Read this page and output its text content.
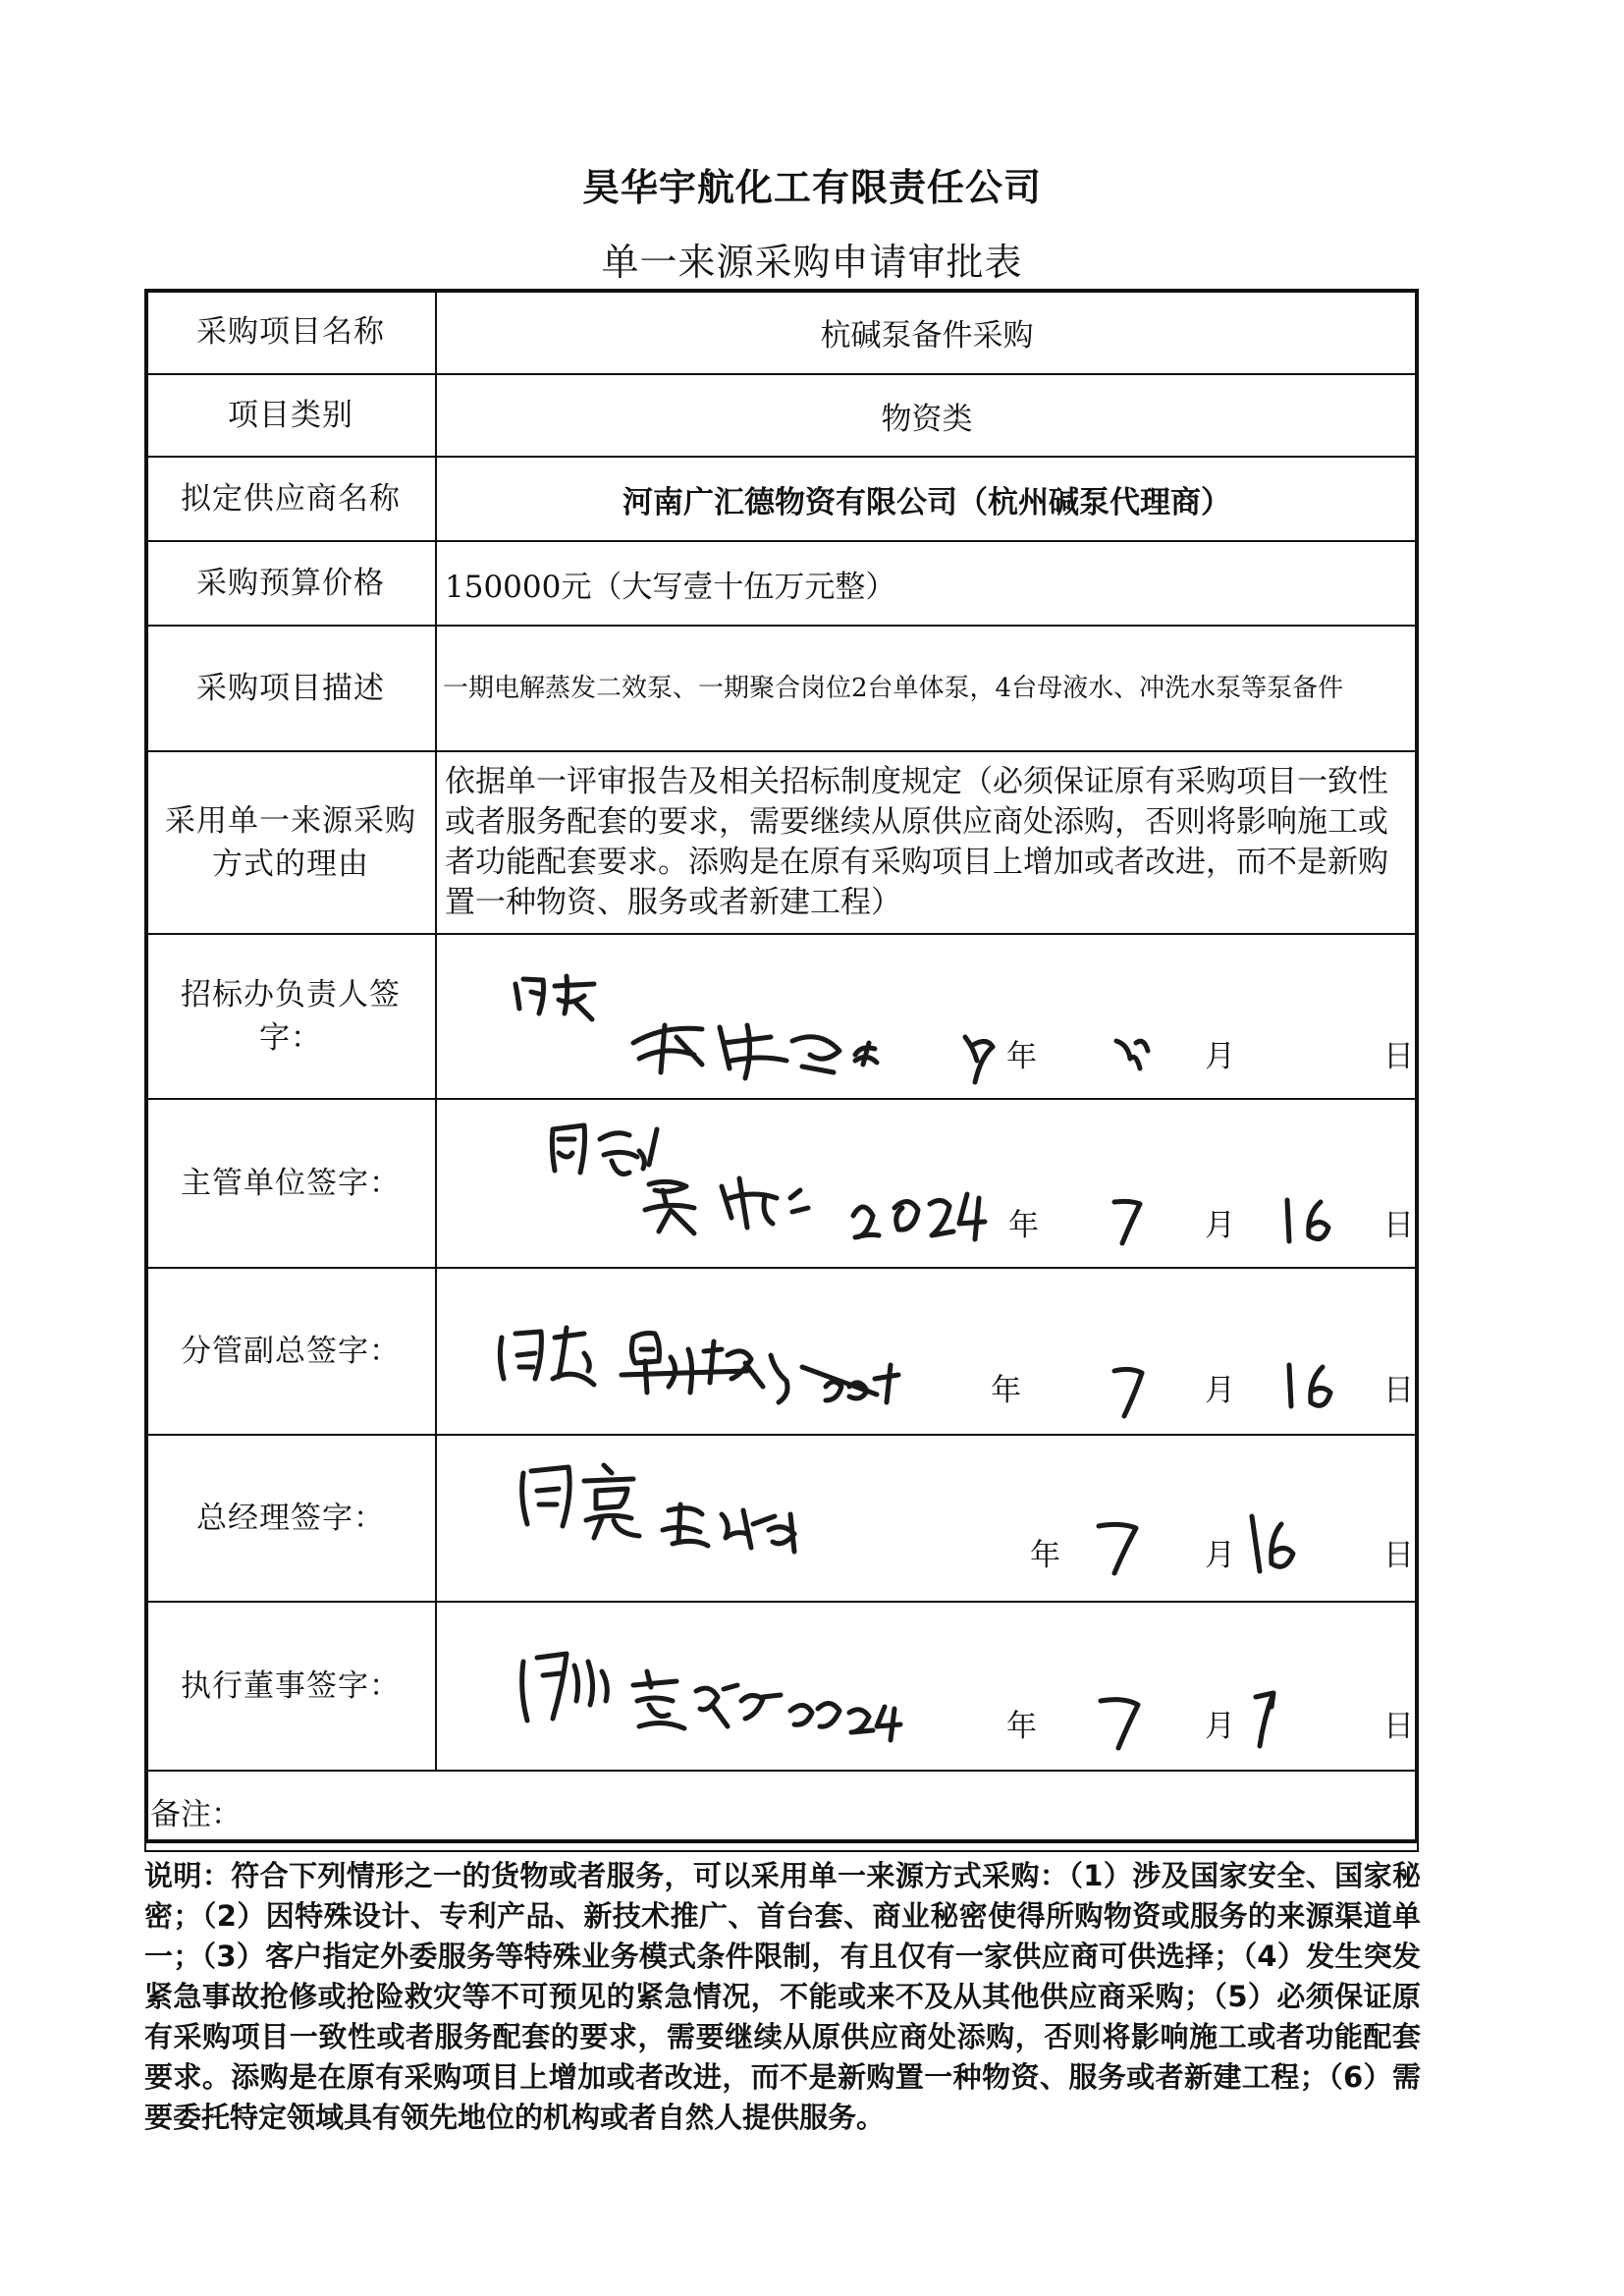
昊华宇航化工有限责任公司
单一来源采购申请审批表
采购项目名称	杭碱泵备件采购
项目类别	物资类
拟定供应商名称	河南广汇德物资有限公司（杭州碱泵代理商）
采购预算价格	150000元（大写壹十伍万元整）
采购项目描述	一期电解蒸发二效泵、一期聚合岗位2台单体泵，4台母液水、冲洗水泵等泵备件
采用单一来源采购方式的理由	依据单一评审报告及相关招标制度规定（必须保证原有采购项目一致性或者服务配套的要求，需要继续从原供应商处添购，否则将影响施工或者功能配套要求。添购是在原有采购项目上增加或者改进，而不是新购置一种物资、服务或者新建工程）
招标办负责人签字：	年 月 日

主管单位签字：	年 月 日

分管副总签字：	年 月 日

总经理签字：	年 月 日

执行董事签字：	年 月 日

备注：	
说明：符合下列情形之一的货物或者服务，可以采用单一来源方式采购：（1）涉及国家安全、国家秘密；（2）因特殊设计、专利产品、新技术推广、首台套、商业秘密使得所购物资或服务的来源渠道单一；（3）客户指定外委服务等特殊业务模式条件限制，有且仅有一家供应商可供选择；（4）发生突发紧急事故抢修或抢险救灾等不可预见的紧急情况，不能或来不及从其他供应商采购；（5）必须保证原有采购项目一致性或者服务配套的要求，需要继续从原供应商处添购，否则将影响施工或者功能配套要求。添购是在原有采购项目上增加或者改进，而不是新购置一种物资、服务或者新建工程；（6）需要委托特定领域具有领先地位的机构或者自然人提供服务。
